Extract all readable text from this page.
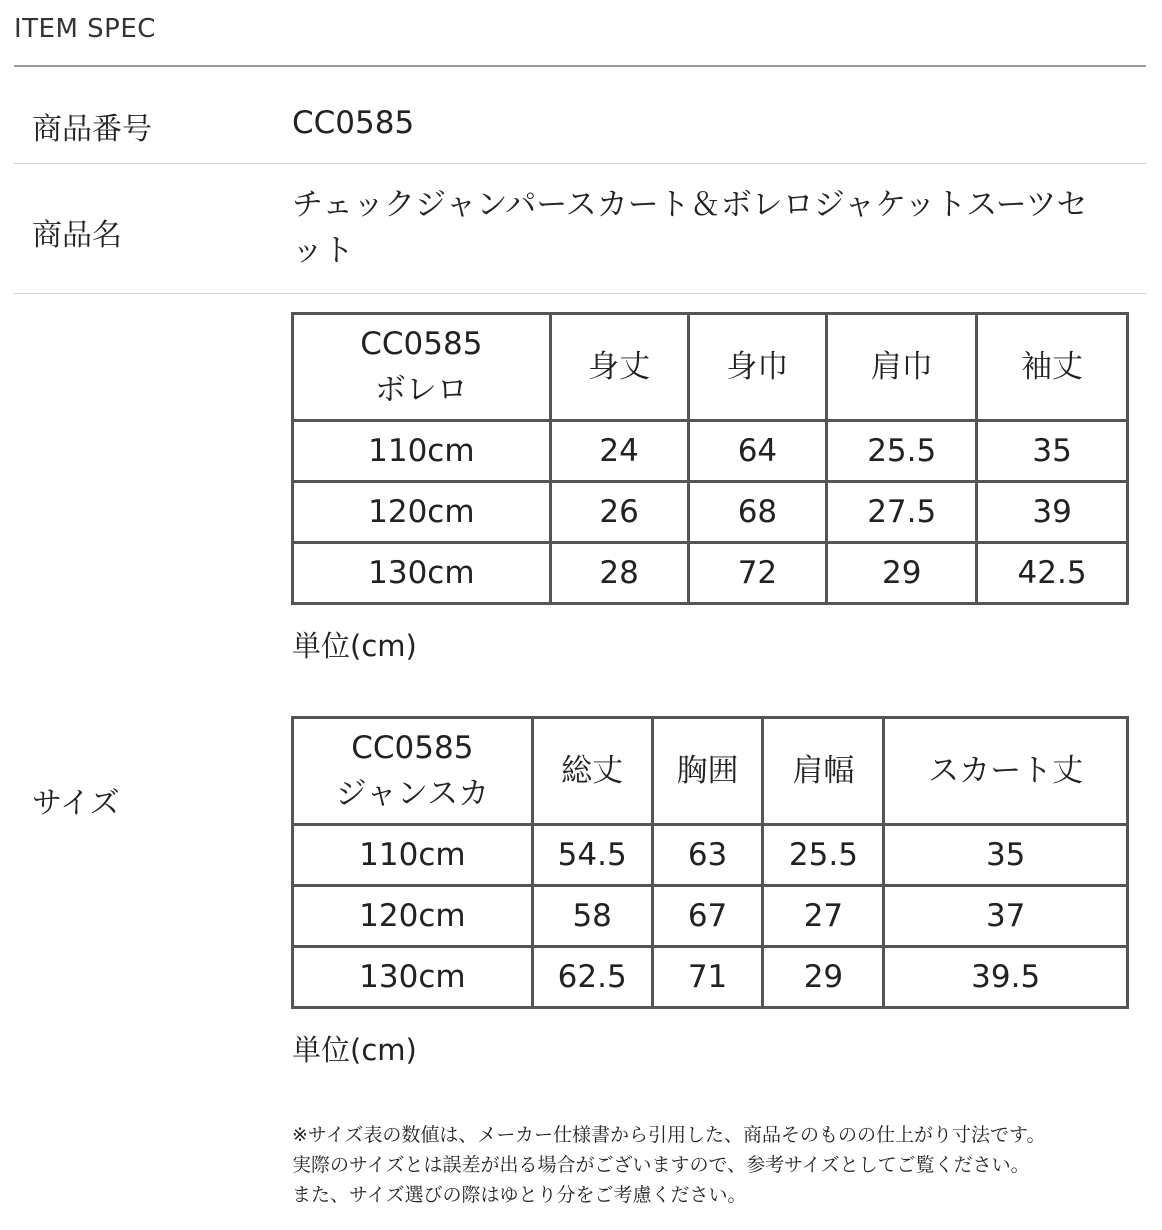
ITEM SPEC
商品番号	CC0585
商品名
チェックジャンパースカート＆ボレロジャケットスーツセ
ット
サイズ
CC0585
ボレロ	身丈	身巾	肩巾	袖丈
110cm	24	64	25.5	35
120cm	26	68	27.5	39
130cm	28	72	29	42.5
単位(cm)
CC0585
ジャンスカ	総丈	胸囲	肩幅	スカート丈
110cm	54.5	63	25.5	35
120cm	58	67	27	37
130cm	62.5	71	29	39.5
単位(cm)
※サイズ表の数値は、メーカー仕様書から引用した、商品そのものの仕上がり寸法です。
実際のサイズとは誤差が出る場合がございますので、参考サイズとしてご覧ください。
また、サイズ選びの際はゆとり分をご考慮ください。
